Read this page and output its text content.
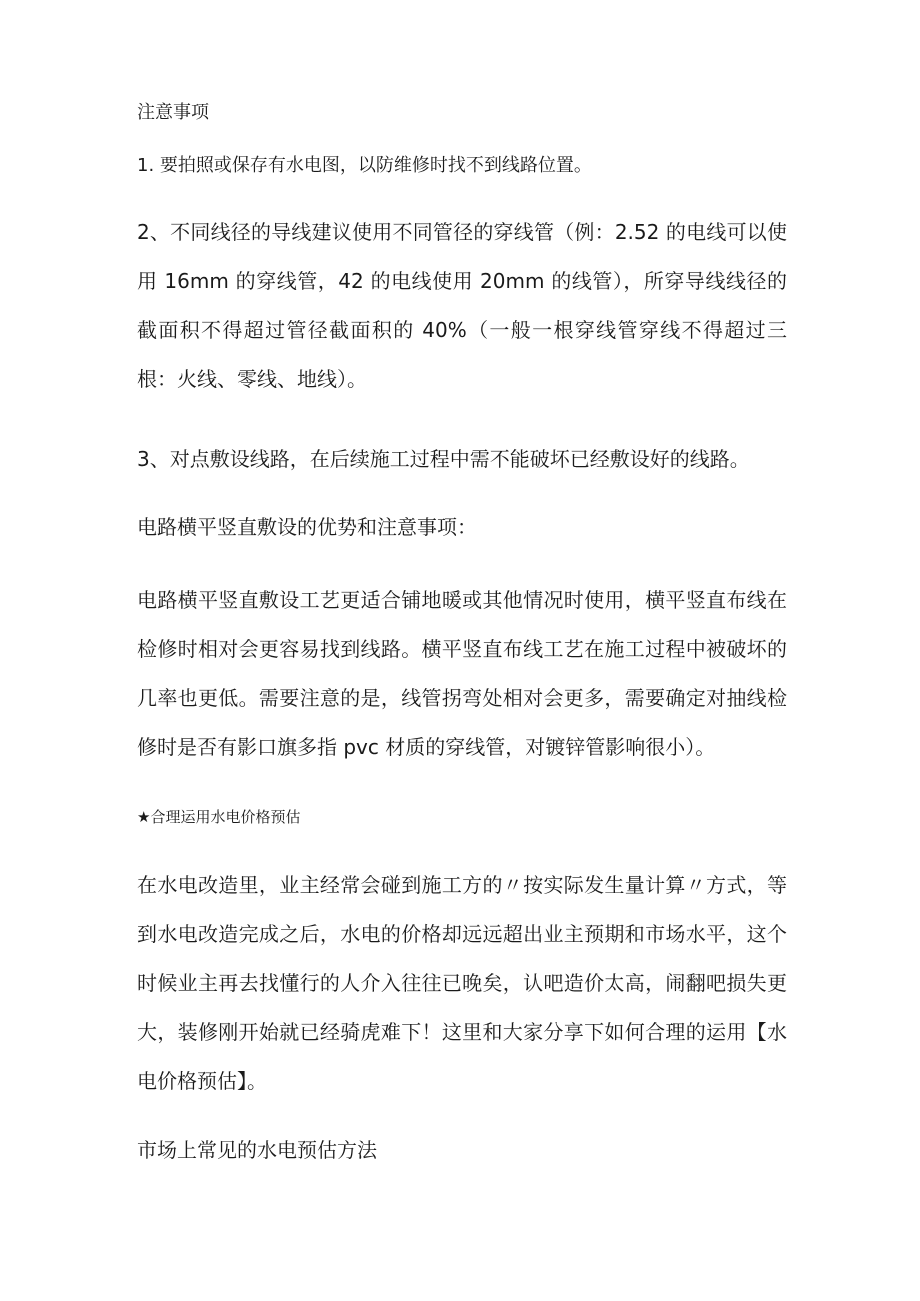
注意事项

1. 要拍照或保存有水电图，以防维修时找不到线路位置。

2、不同线径的导线建议使用不同管径的穿线管（例：2.52 的电线可以使用 16mm 的穿线管，42 的电线使用 20mm 的线管），所穿导线线径的截面积不得超过管径截面积的 40%（一般一根穿线管穿线不得超过三根：火线、零线、地线）。

3、对点敷设线路，在后续施工过程中需不能破坏已经敷设好的线路。

电路横平竖直敷设的优势和注意事项：

电路横平竖直敷设工艺更适合铺地暖或其他情况时使用，横平竖直布线在检修时相对会更容易找到线路。横平竖直布线工艺在施工过程中被破坏的几率也更低。需要注意的是，线管拐弯处相对会更多，需要确定对抽线检修时是否有影口旗多指 pvc 材质的穿线管，对镀锌管影响很小）。

★合理运用水电价格预估

在水电改造里，业主经常会碰到施工方的〃按实际发生量计算〃方式，等到水电改造完成之后，水电的价格却远远超出业主预期和市场水平，这个时候业主再去找懂行的人介入往往已晚矣，认吧造价太高，闹翻吧损失更大，装修刚开始就已经骑虎难下！这里和大家分享下如何合理的运用【水电价格预估】。

市场上常见的水电预估方法
